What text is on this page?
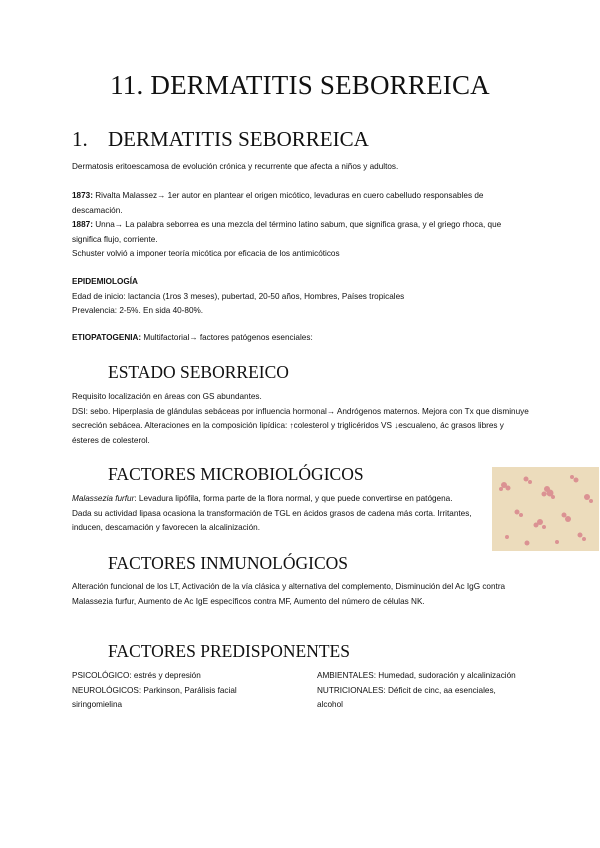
11. DERMATITIS SEBORREICA
1. DERMATITIS SEBORREICA
Dermatosis eritoescamosa de evolución crónica y recurrente que afecta a niños y adultos.
1873: Rivalta Malassez→ 1er autor en plantear el origen micótico, levaduras en cuero cabelludo responsables de descamación.
1887: Unna→ La palabra seborrea es una mezcla del término latino sabum, que significa grasa, y el griego rhoca, que significa flujo, corriente.
Schuster volvió a imponer teoría micótica por eficacia de los antimicóticos
EPIDEMIOLOGÍA
Edad de inicio: lactancia (1ros 3 meses), pubertad, 20-50 años, Hombres, Países tropicales
Prevalencia: 2-5%. En sida 40-80%.
ETIOPATOGENIA: Multifactorial→ factores patógenos esenciales:
ESTADO SEBORREICO
Requisito localización en áreas con GS abundantes.
DSI: sebo. Hiperplasia de glándulas sebáceas por influencia hormonal→ Andrógenos maternos. Mejora con Tx que disminuye secreción sebácea. Alteraciones en la composición lipídica: ↑colesterol y triglicéridos VS ↓escualeno, ác grasos libres y ésteres de colesterol.
FACTORES MICROBIOLÓGICOS
Malassezia furfur: Levadura lipófila, forma parte de la flora normal, y que puede convertirse en patógena. Dada su actividad lipasa ocasiona la transformación de TGL en ácidos grasos de cadena más corta. Irritantes, inducen, descamación y favorecen la alcalinización.
FACTORES INMUNOLÓGICOS
Alteración funcional de los LT, Activación de la vía clásica y alternativa del complemento, Disminución del Ac IgG contra Malassezia furfur, Aumento de Ac IgE específicos contra MF, Aumento del número de células NK.
FACTORES PREDISPONENTES
PSICOLÓGICO: estrés y depresión
NEUROLÓGICOS: Parkinson, Parálisis facial
siringomielina
AMBIENTALES: Humedad, sudoración y alcalinización
NUTRICIONALES: Déficit de cinc, aa esenciales, alcohol
